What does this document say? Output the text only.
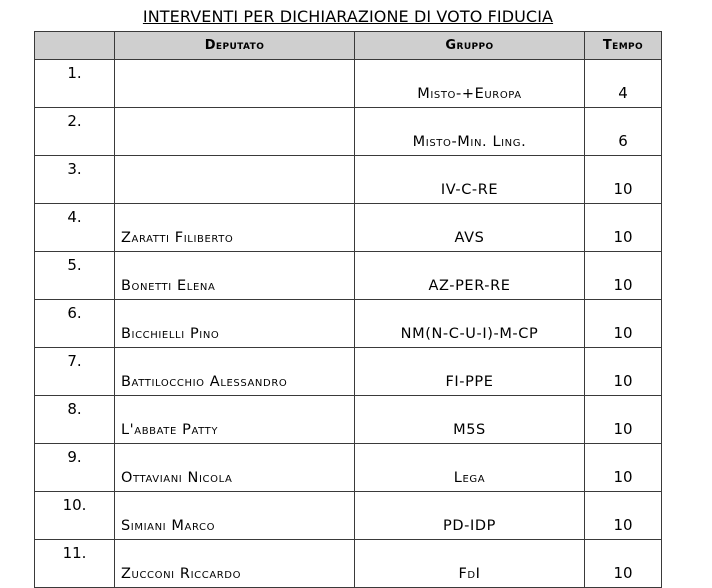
INTERVENTI PER DICHIARAZIONE DI VOTO FIDUCIA
	Deputato	Gruppo	Tempo
1.		Misto-+Europa	4
2.		Misto-Min. Ling.	6
3.		IV-C-RE	10
4.	Zaratti Filiberto	AVS	10
5.	Bonetti Elena	AZ-PER-RE	10
6.	Bicchielli Pino	NM(N-C-U-I)-M-CP	10
7.	Battilocchio Alessandro	FI-PPE	10
8.	L'abbate Patty	M5S	10
9.	Ottaviani Nicola	Lega	10
10.	Simiani Marco	PD-IDP	10
11.	Zucconi Riccardo	FdI	10
